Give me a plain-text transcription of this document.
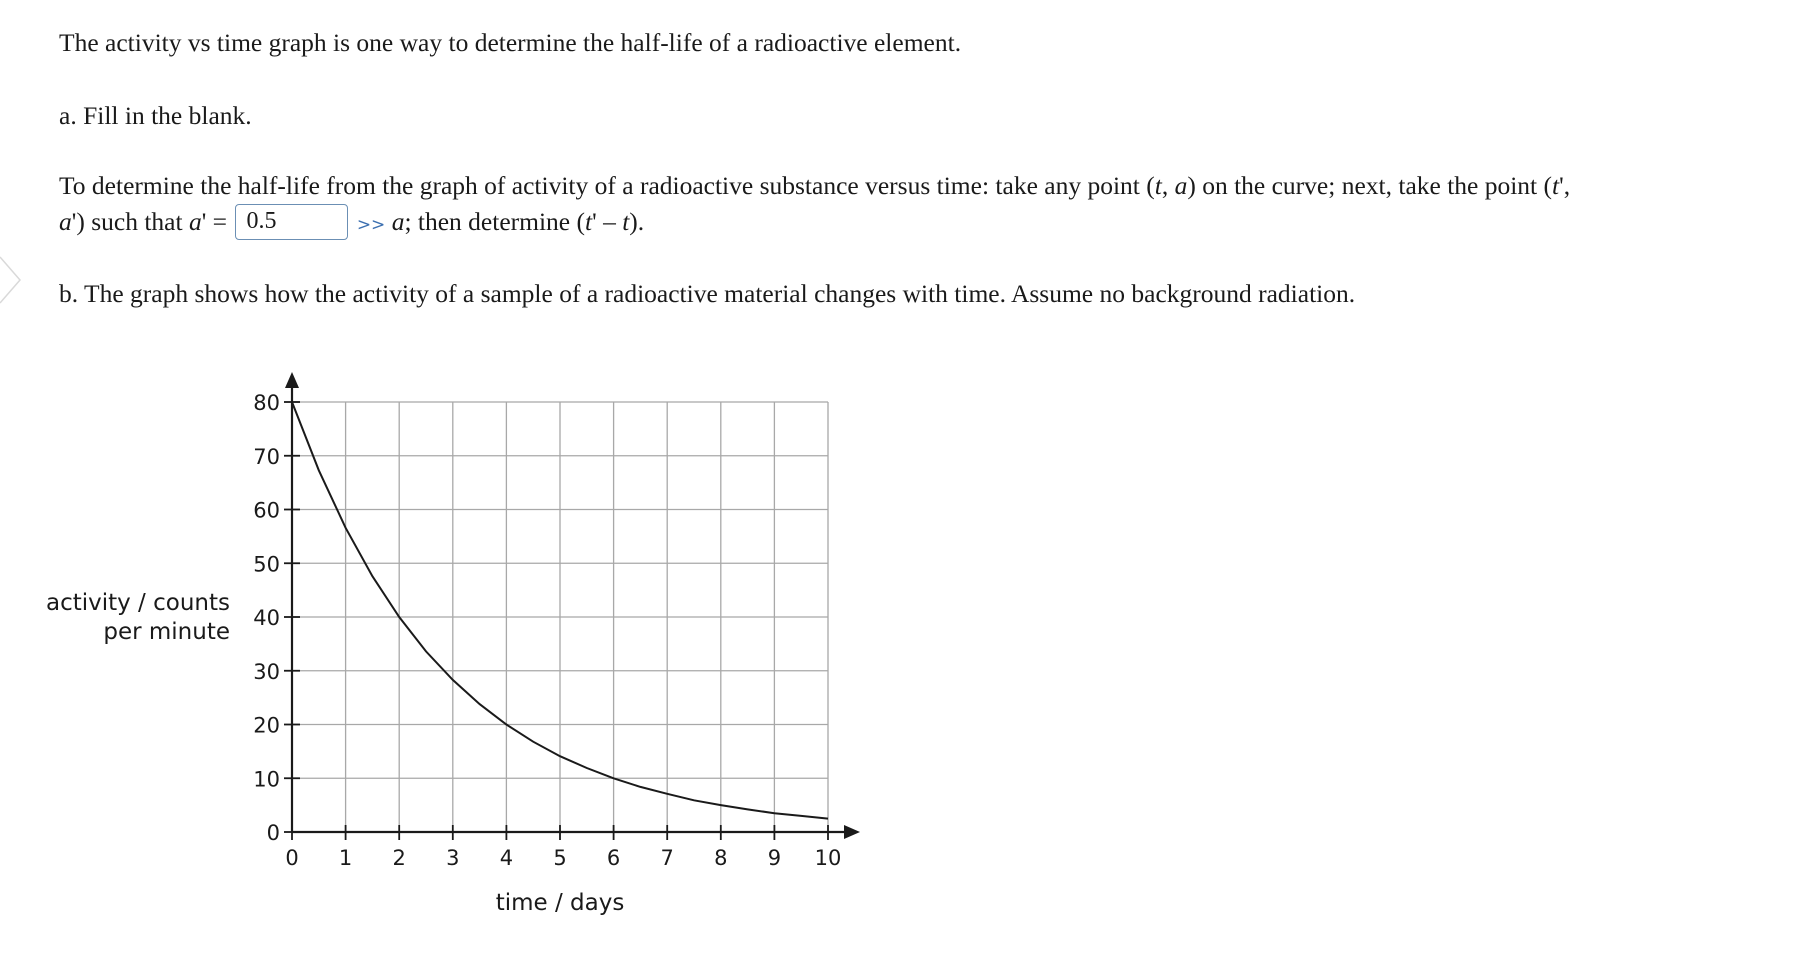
The activity vs time graph is one way to determine the half-life of a radioactive element.

a. Fill in the blank.

To determine the half-life from the graph of activity of a radioactive substance versus time: take any point (t, a) on the curve; next, take the point (t',

a') such that a' = 0.5	>> a; then determine (t' – t).

b. The graph shows how the activity of a sample of a radioactive material changes with time. Assume no background radiation.

0
10
20
30
40
50
60
70
80
0 1 2 3 4 5 6 7 8 9 10
activity / counts
per minute
time / days
